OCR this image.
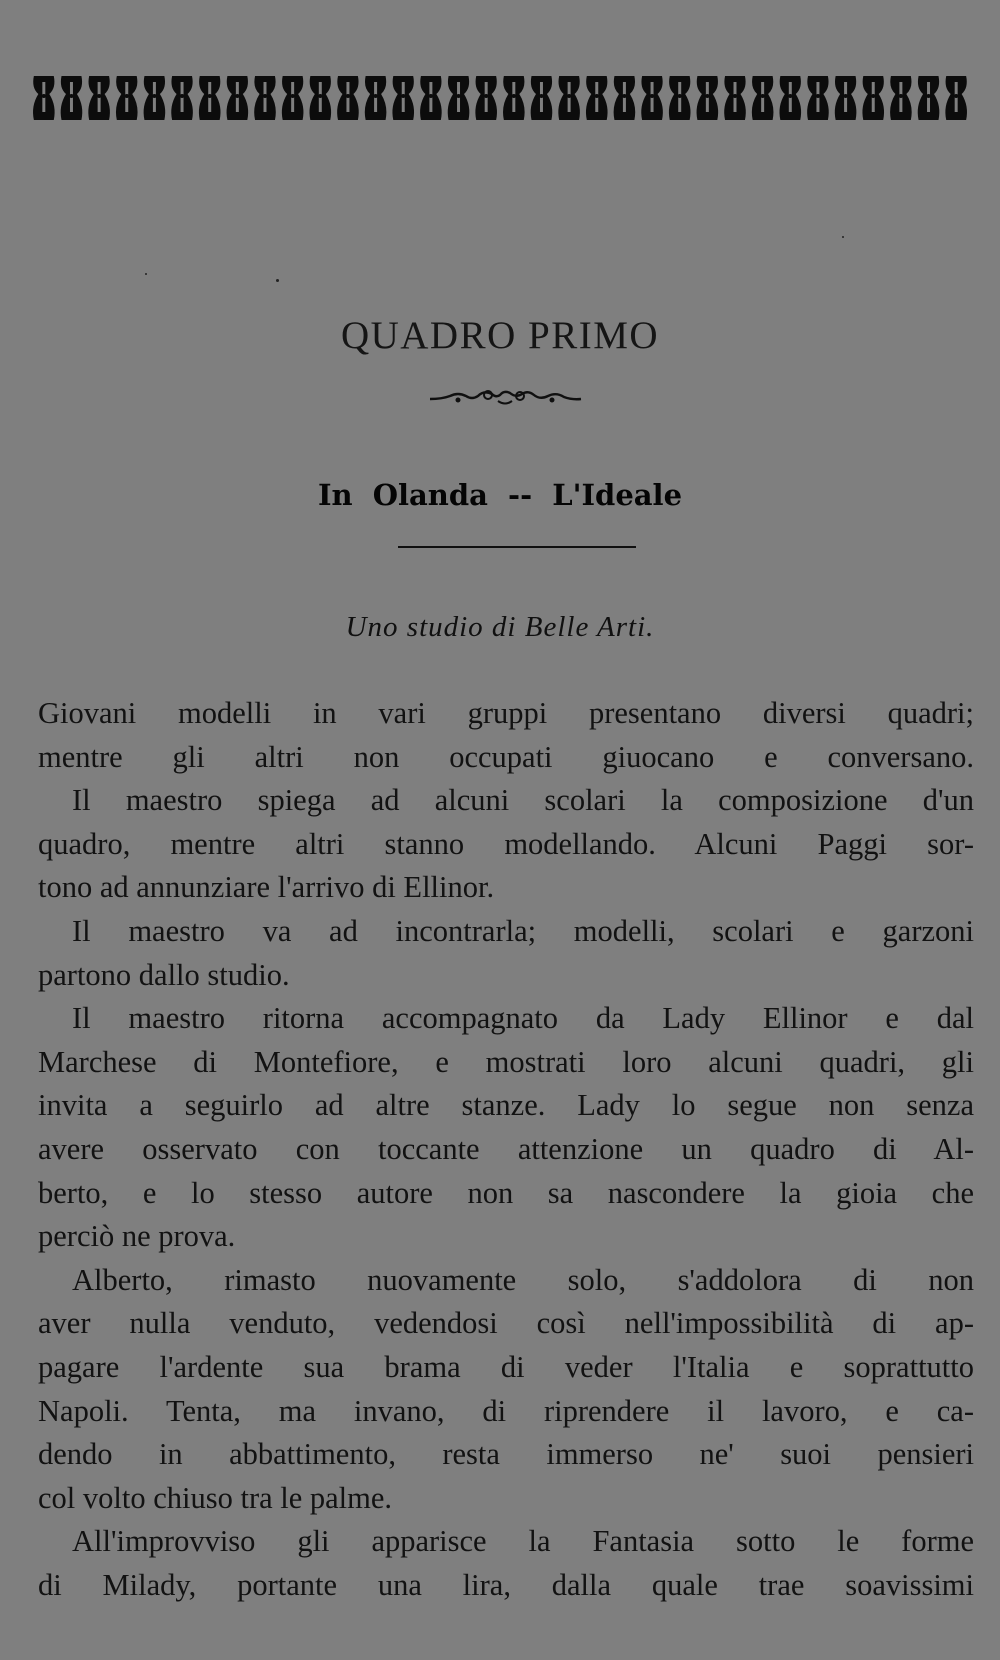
QUADRO PRIMO
In Olanda -- L'Ideale
Uno studio di Belle Arti.
Giovani modelli in vari gruppi presentano diversi quadri;
mentre gli altri non occupati giuocano e conversano.
Il maestro spiega ad alcuni scolari la composizione d'un
quadro, mentre altri stanno modellando. Alcuni Paggi sor-
tono ad annunziare l'arrivo di Ellinor.
Il maestro va ad incontrarla; modelli, scolari e garzoni
partono dallo studio.
Il maestro ritorna accompagnato da Lady Ellinor e dal
Marchese di Montefiore, e mostrati loro alcuni quadri, gli
invita a seguirlo ad altre stanze. Lady lo segue non senza
avere osservato con toccante attenzione un quadro di Al-
berto, e lo stesso autore non sa nascondere la gioia che
perciò ne prova.
Alberto, rimasto nuovamente solo, s'addolora di non
aver nulla venduto, vedendosi così nell'impossibilità di ap-
pagare l'ardente sua brama di veder l'Italia e soprattutto
Napoli. Tenta, ma invano, di riprendere il lavoro, e ca-
dendo in abbattimento, resta immerso ne' suoi pensieri
col volto chiuso tra le palme.
All'improvviso gli apparisce la Fantasia sotto le forme
di Milady, portante una lira, dalla quale trae soavissimi
